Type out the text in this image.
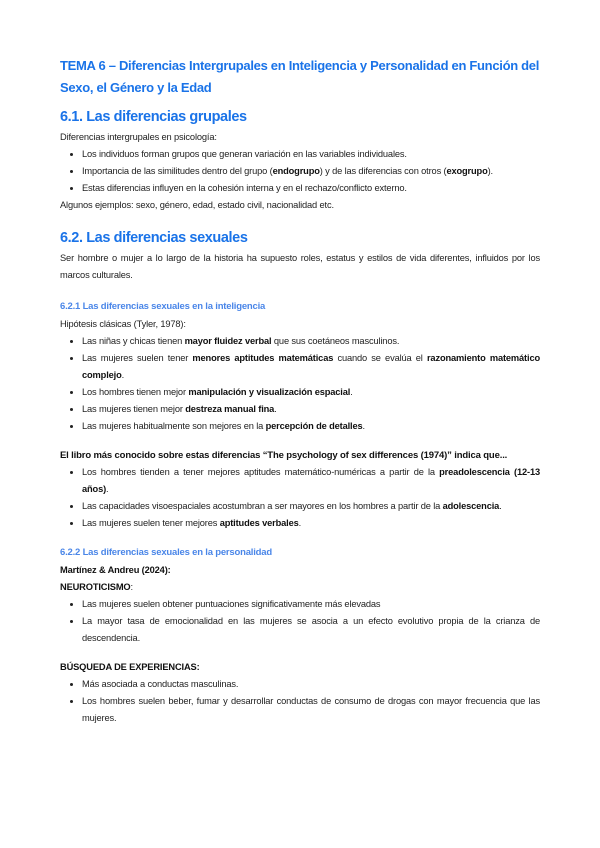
TEMA 6 – Diferencias Intergrupales en Inteligencia y Personalidad en Función del Sexo, el Género y la Edad
6.1. Las diferencias grupales

Diferencias intergrupales en psicología:

• Los individuos forman grupos que generan variación en las variables individuales.
• Importancia de las similitudes dentro del grupo (endogrupo) y de las diferencias con otros (exogrupo).
• Estas diferencias influyen en la cohesión interna y en el rechazo/conflicto externo.

Algunos ejemplos: sexo, género, edad, estado civil, nacionalidad etc.

6.2. Las diferencias sexuales

Ser hombre o mujer a lo largo de la historia ha supuesto roles, estatus y estilos de vida diferentes, influidos por los marcos culturales.

6.2.1 Las diferencias sexuales en la inteligencia

Hipótesis clásicas (Tyler, 1978):

• Las niñas y chicas tienen mayor fluidez verbal que sus coetáneos masculinos.
• Las mujeres suelen tener menores aptitudes matemáticas cuando se evalúa el razonamiento matemático complejo.
• Los hombres tienen mejor manipulación y visualización espacial.
• Las mujeres tienen mejor destreza manual fina.
• Las mujeres habitualmente son mejores en la percepción de detalles.

El libro más conocido sobre estas diferencias “The psychology of sex differences (1974)” indica que...

• Los hombres tienden a tener mejores aptitudes matemático-numéricas a partir de la preadolescencia (12-13 años).
• Las capacidades visoespaciales acostumbran a ser mayores en los hombres a partir de la adolescencia.
• Las mujeres suelen tener mejores aptitudes verbales.
6.2.2 Las diferencias sexuales en la personalidad

Martínez & Andreu (2024):

NEUROTICISMO:

• Las mujeres suelen obtener puntuaciones significativamente más elevadas
• La mayor tasa de emocionalidad en las mujeres se asocia a un efecto evolutivo propia de la crianza de descendencia.

BÚSQUEDA DE EXPERIENCIAS:

• Más asociada a conductas masculinas.
• Los hombres suelen beber, fumar y desarrollar conductas de consumo de drogas con mayor frecuencia que las mujeres.
